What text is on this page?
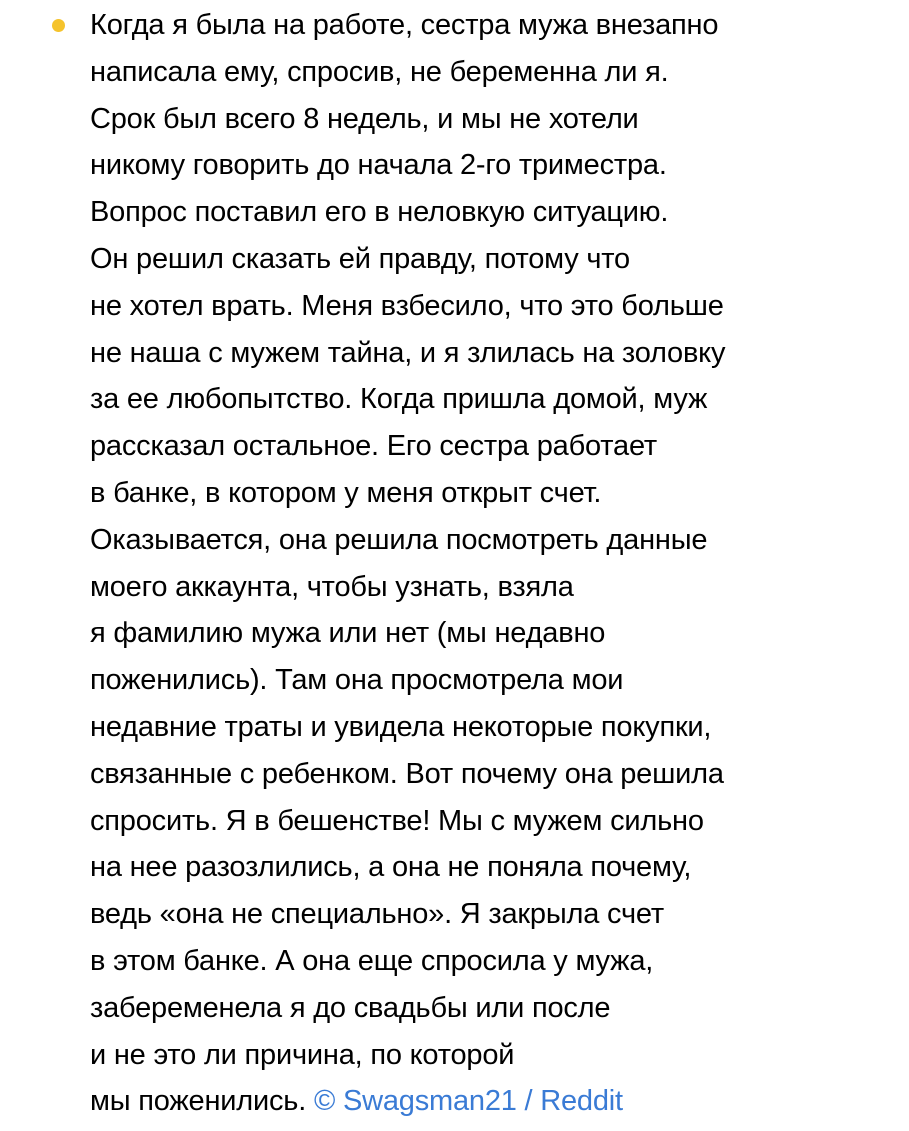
Когда я была на работе, сестра мужа внезапно
написала ему, спросив, не беременна ли я.
Срок был всего 8 недель, и мы не хотели
никому говорить до начала 2-го триместра.
Вопрос поставил его в неловкую ситуацию.
Он решил сказать ей правду, потому что
не хотел врать. Меня взбесило, что это больше
не наша с мужем тайна, и я злилась на золовку
за ее любопытство. Когда пришла домой, муж
рассказал остальное. Его сестра работает
в банке, в котором у меня открыт счет.
Оказывается, она решила посмотреть данные
моего аккаунта, чтобы узнать, взяла
я фамилию мужа или нет (мы недавно
поженились). Там она просмотрела мои
недавние траты и увидела некоторые покупки,
связанные с ребенком. Вот почему она решила
спросить. Я в бешенстве! Мы с мужем сильно
на нее разозлились, а она не поняла почему,
ведь «она не специально». Я закрыла счет
в этом банке. А она еще спросила у мужа,
забеременела я до свадьбы или после
и не это ли причина, по которой
мы поженились. © Swagsman21 / Reddit
